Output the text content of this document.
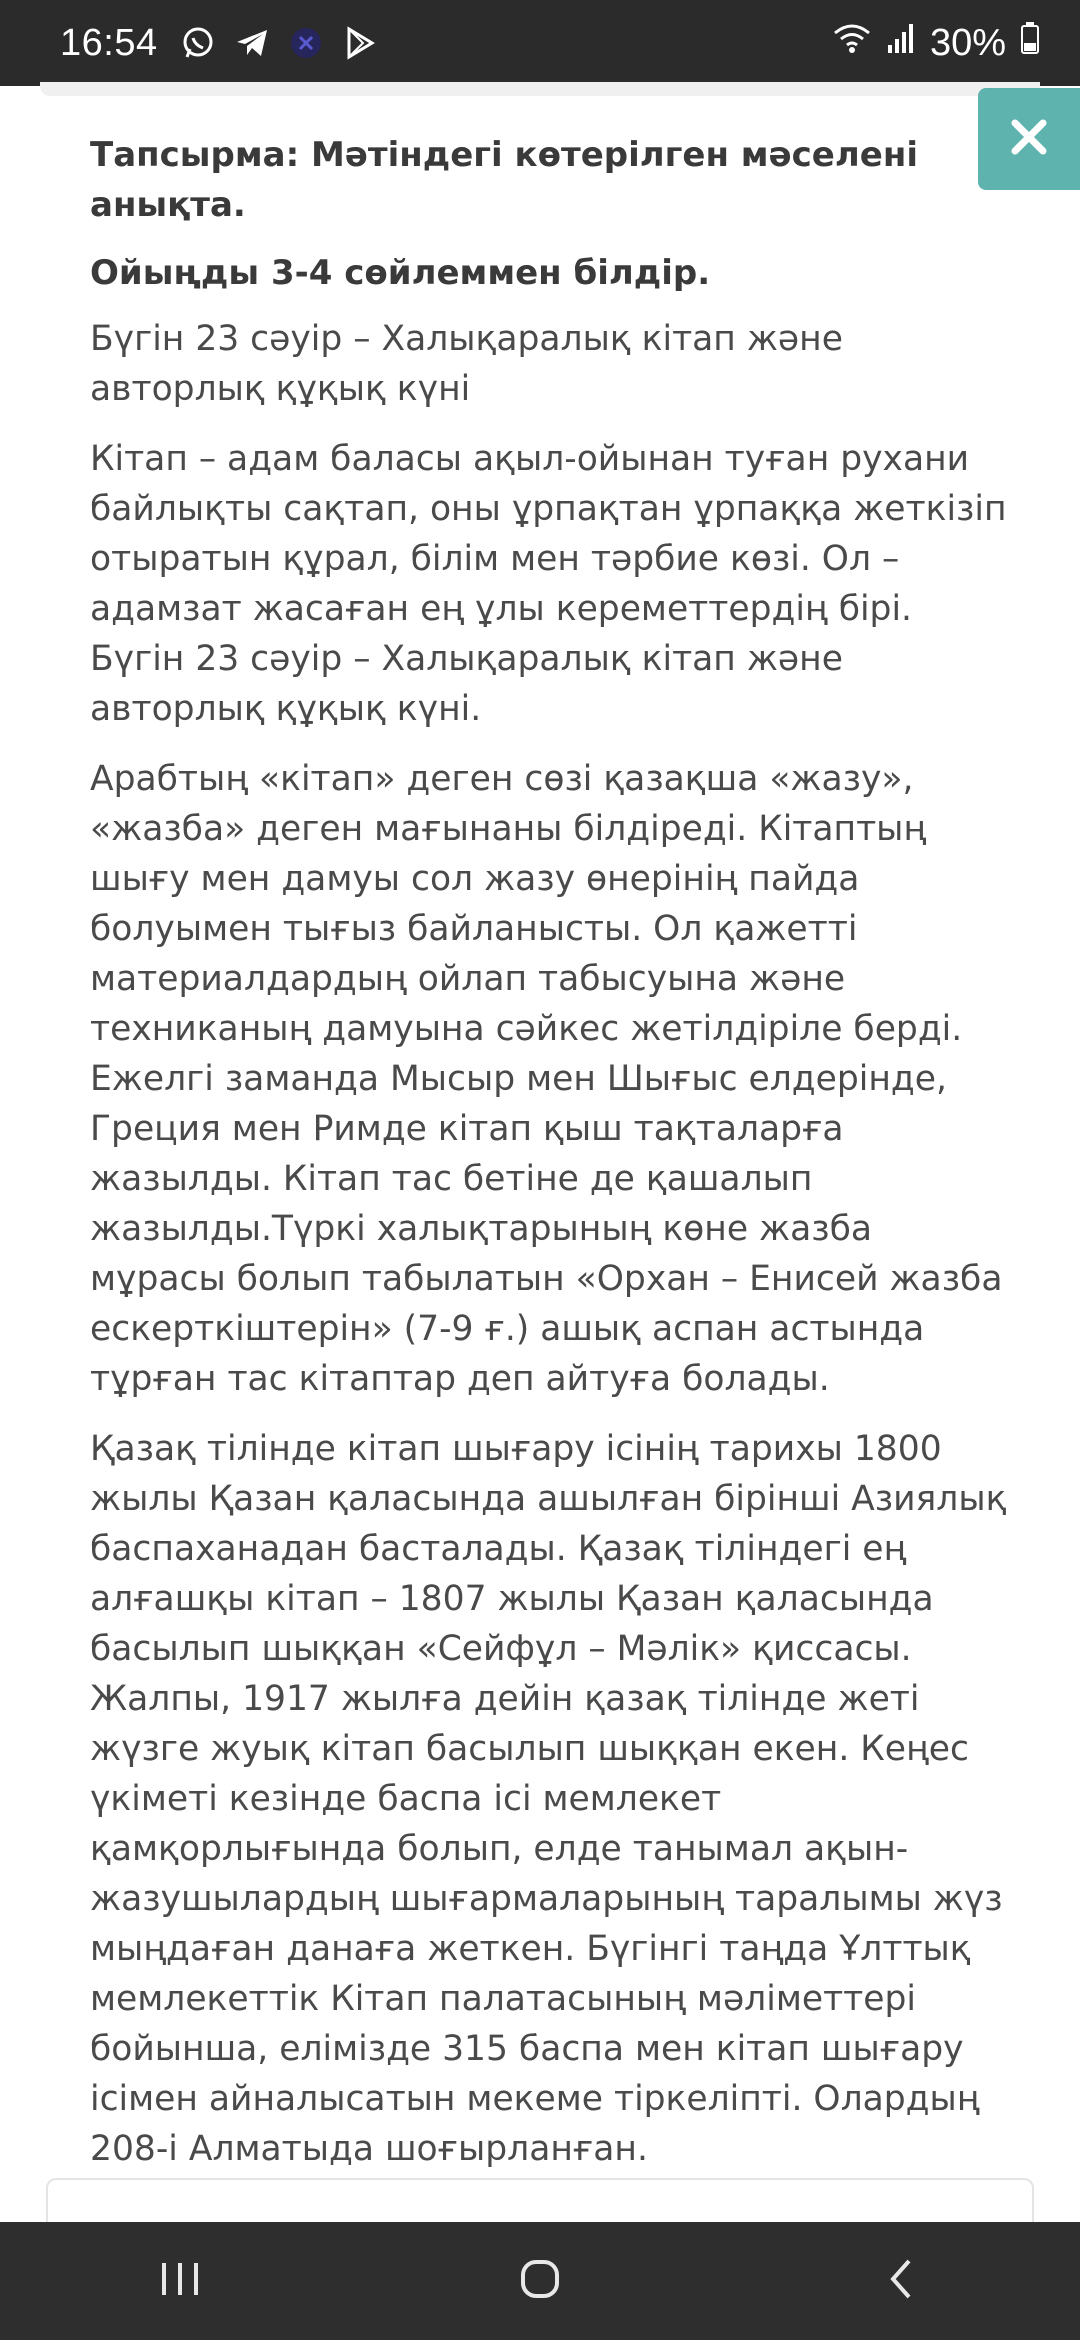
16:54	30%

Тапсырма: Мәтіндегі көтерілген мәселені анықта.

Ойыңды 3-4 сөйлеммен білдір.

Бүгін 23 сәуір – Халықаралық кітап және авторлық құқық күні

Кітап – адам баласы ақыл-ойынан туған рухани байлықты сақтап, оны ұрпақтан ұрпаққа жеткізіп отыратын құрал, білім мен тәрбие көзі. Ол – адамзат жасаған ең ұлы кереметтердің бірі. Бүгін 23 сәуір – Халықаралық кітап және авторлық құқық күні.

Арабтың «кітап» деген сөзі қазақша «жазу», «жазба» деген мағынаны білдіреді. Кітаптың шығу мен дамуы сол жазу өнерінің пайда болуымен тығыз байланысты. Ол қажетті материалдардың ойлап табысуына және техниканың дамуына сәйкес жетілдіріле берді. Ежелгі заманда Мысыр мен Шығыс елдерінде, Греция мен Римде кітап қыш тақталарға жазылды. Кітап тас бетіне де қашалып жазылды.Түркі халықтарының көне жазба мұрасы болып табылатын «Орхан – Енисей жазба ескерткіштерін» (7-9 ғ.) ашық аспан астында тұрған тас кітаптар деп айтуға болады.

Қазақ тілінде кітап шығару ісінің тарихы 1800 жылы Қазан қаласында ашылған бірінші Азиялық баспаханадан басталады. Қазақ тіліндегі ең алғашқы кітап – 1807 жылы Қазан қаласында басылып шыққан «Сейфұл – Мәлік» қиссасы. Жалпы, 1917 жылға дейін қазақ тілінде жеті жүзге жуық кітап басылып шыққан екен. Кеңес үкіметі кезінде баспа ісі мемлекет қамқорлығында болып, елде танымал ақын-жазушылардың шығармаларының таралымы жүз мыңдаған данаға жеткен. Бүгінгі таңда Ұлттық мемлекеттік Кітап палатасының мәліметтері бойынша, елімізде 315 баспа мен кітап шығару ісімен айналысатын мекеме тіркеліпті. Олардың 208-і Алматыда шоғырланған.
